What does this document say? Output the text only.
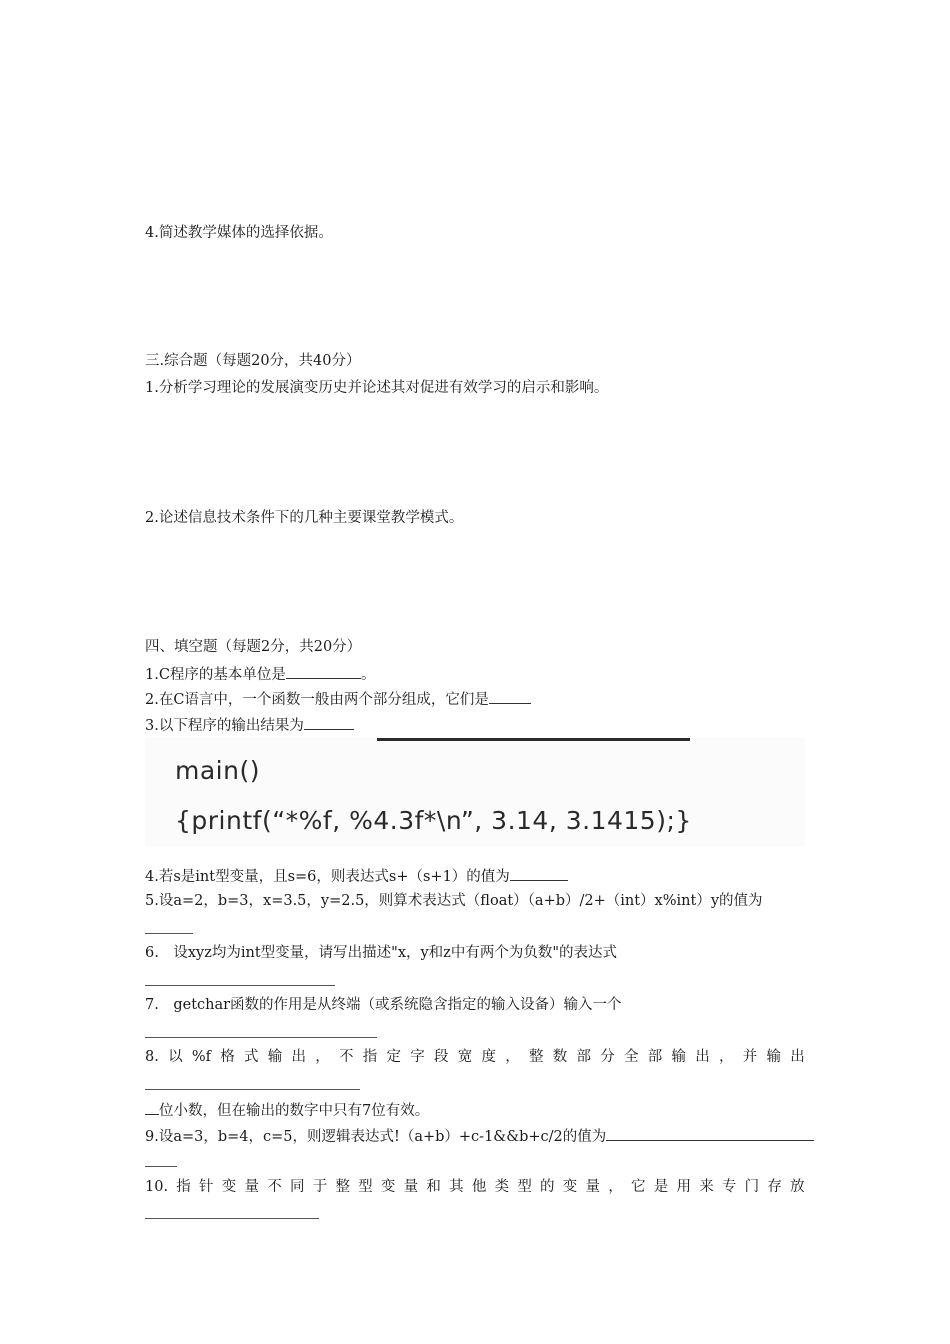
4.简述教学媒体的选择依据。
三.综合题（每题20分，共40分）
1.分析学习理论的发展演变历史并论述其对促进有效学习的启示和影响。
2.论述信息技术条件下的几种主要课堂教学模式。
四、填空题（每题2分，共20分）
1.C程序的基本单位是	。
2.在C语言中，一个函数一般由两个部分组成，它们是
3.以下程序的输出结果为
main()
{printf(“*%f, %4.3f*\n”, 3.14, 3.1415);}
4.若s是int型变量，且s=6，则表达式s+（s+1）的值为
5.设a=2，b=3，x=3.5，y=2.5，则算术表达式（float）（a+b）/2+（int）x%int）y的值为
6.　设xyz均为int型变量，请写出描述"x，y和z中有两个为负数"的表达式
7.　getchar函数的作用是从终端（或系统隐含指定的输入设备）输入一个
8. 以 %f 格 式 输 出 ， 不 指 定 字 段 宽 度 ， 整 数 部 分 全 部 输 出 ， 并 输 出
位小数，但在输出的数字中只有7位有效。
9.设a=3，b=4，c=5，则逻辑表达式!（a+b）+c-1&&b+c/2的值为
10. 指 针 变 量 不 同 于 整 型 变 量 和 其 他 类 型 的 变 量 ， 它 是 用 来 专 门 存 放
